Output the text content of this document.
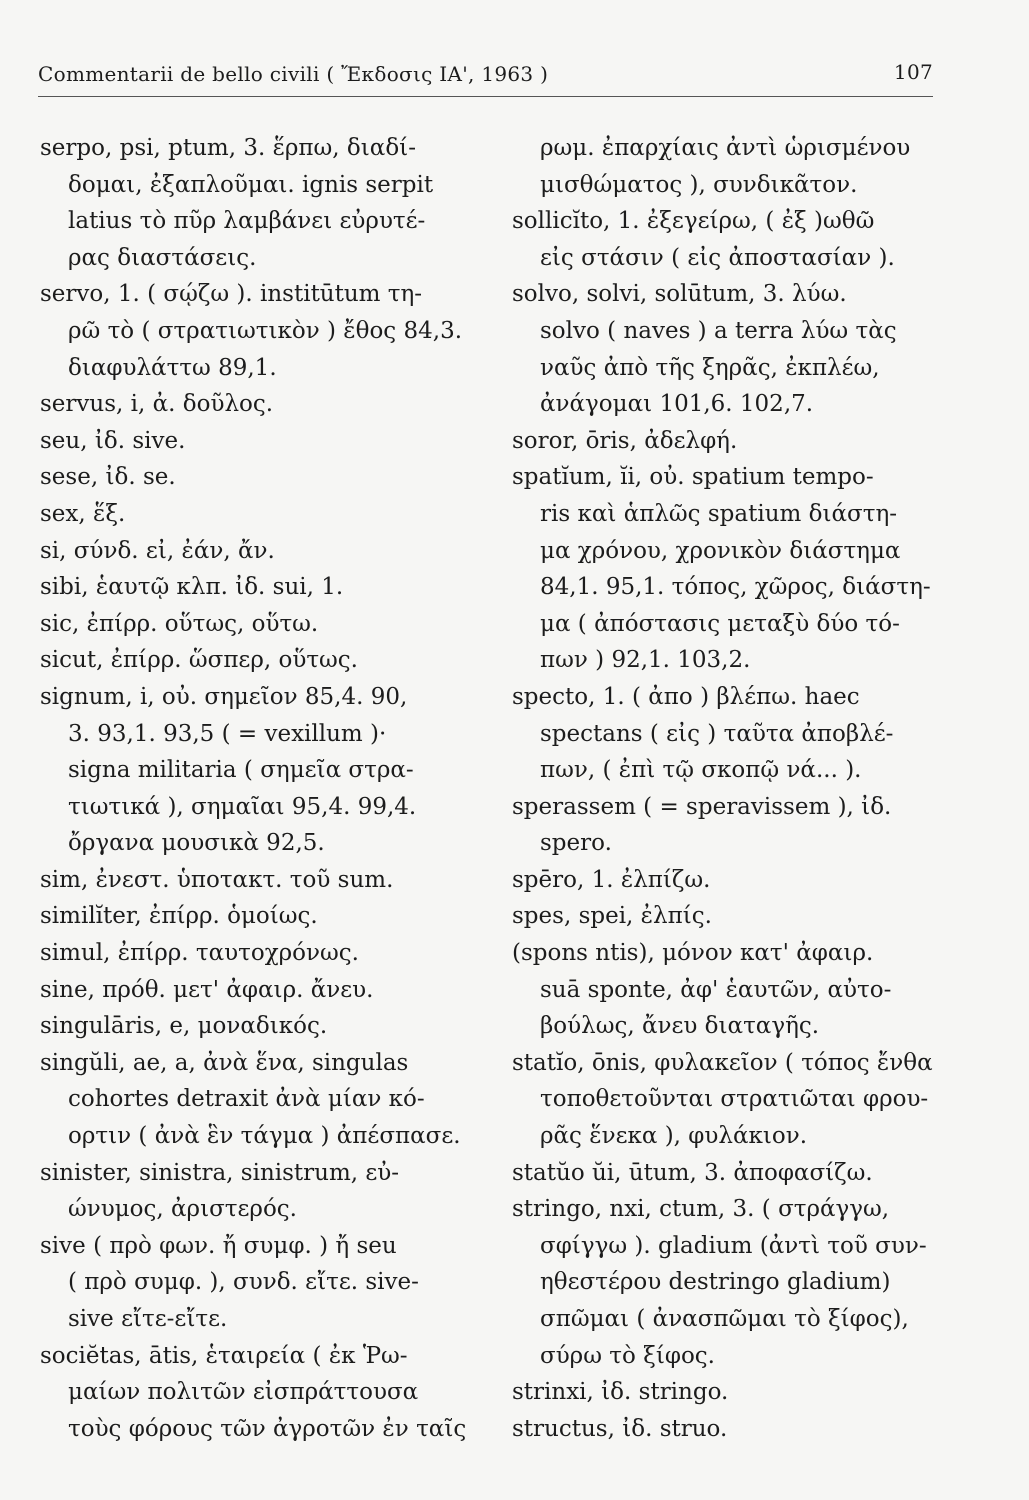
Commentarii de bello civili ( Ἔκδοσις ΙΑ', 1963 )	107
serpo, psi, ptum, 3. ἕρπω, διαδί-
δομαι, ἐξαπλοῦμαι. ignis serpit
latius τὸ πῦρ λαμβάνει εὐρυτέ-
ρας διαστάσεις.
servo, 1. ( σῴζω ). institūtum τη-
ρῶ τὸ ( στρατιωτικὸν ) ἔθος 84,3.
διαφυλάττω 89,1.
servus, i, ἀ. δοῦλος.
seu, ἰδ. sive.
sese, ἰδ. se.
sex, ἕξ.
si, σύνδ. εἰ, ἐάν, ἄν.
sibi, ἑαυτῷ κλπ. ἰδ. sui, 1.
sic, ἐπίρρ. οὕτως, οὕτω.
sicut, ἐπίρρ. ὥσπερ, οὕτως.
signum, i, οὐ. σημεῖον 85,4. 90,
3. 93,1. 93,5 ( = vexillum )·
signa militaria ( σημεῖα στρα-
τιωτικά ), σημαῖαι 95,4. 99,4.
ὄργανα μουσικὰ 92,5.
sim, ἐνεστ. ὑποτακτ. τοῦ sum.
similĭter, ἐπίρρ. ὁμοίως.
simul, ἐπίρρ. ταυτοχρόνως.
sine, πρόθ. μετ' ἀφαιρ. ἄνευ.
singulāris, e, μοναδικός.
singŭli, ae, a, ἀνὰ ἕνα, singulas
cohortes detraxit ἀνὰ μίαν κό-
ορτιν ( ἀνὰ ἓν τάγμα ) ἀπέσπασε.
sinister, sinistra, sinistrum, εὐ-
ώνυμος, ἀριστερός.
sive ( πρὸ φων. ἤ συμφ. ) ἤ seu
( πρὸ συμφ. ), συνδ. εἴτε. sive-
sive εἴτε-εἴτε.
sociĕtas, ātis, ἑταιρεία ( ἐκ Ῥω-
μαίων πολιτῶν εἰσπράττουσα
τοὺς φόρους τῶν ἀγροτῶν ἐν ταῖς
ρωμ. ἐπαρχίαις ἀντὶ ὡρισμένου
μισθώματος ), συνδικᾶτον.
sollicĭto, 1. ἐξεγείρω, ( ἐξ )ωθῶ
εἰς στάσιν ( εἰς ἀποστασίαν ).
solvo, solvi, solūtum, 3. λύω.
solvo ( naves ) a terra λύω τὰς
ναῦς ἀπὸ τῆς ξηρᾶς, ἐκπλέω,
ἀνάγομαι 101,6. 102,7.
soror, ōris, ἀδελφή.
spatĭum, ĭi, οὐ. spatium tempo-
ris καὶ ἁπλῶς spatium διάστη-
μα χρόνου, χρονικὸν διάστημα
84,1. 95,1. τόπος, χῶρος, διάστη-
μα ( ἀπόστασις μεταξὺ δύο τό-
πων ) 92,1. 103,2.
specto, 1. ( ἀπο ) βλέπω. haec
spectans ( εἰς ) ταῦτα ἀποβλέ-
πων, ( ἐπὶ τῷ σκοπῷ νά... ).
sperassem ( = speravissem ), ἰδ.
spero.
spēro, 1. ἐλπίζω.
spes, spei, ἐλπίς.
(spons ntis), μόνον κατ' ἀφαιρ.
suā sponte, ἀφ' ἑαυτῶν, αὐτο-
βούλως, ἄνευ διαταγῆς.
statĭo, ōnis, φυλακεῖον ( τόπος ἔνθα
τοποθετοῦνται στρατιῶται φρου-
ρᾶς ἕνεκα ), φυλάκιον.
statŭo ŭi, ūtum, 3. ἀποφασίζω.
stringo, nxi, ctum, 3. ( στράγγω,
σφίγγω ). gladium (ἀντὶ τοῦ συν-
ηθεστέρου destringo gladium)
σπῶμαι ( ἀνασπῶμαι τὸ ξίφος),
σύρω τὸ ξίφος.
strinxi, ἰδ. stringo.
structus, ἰδ. struo.
